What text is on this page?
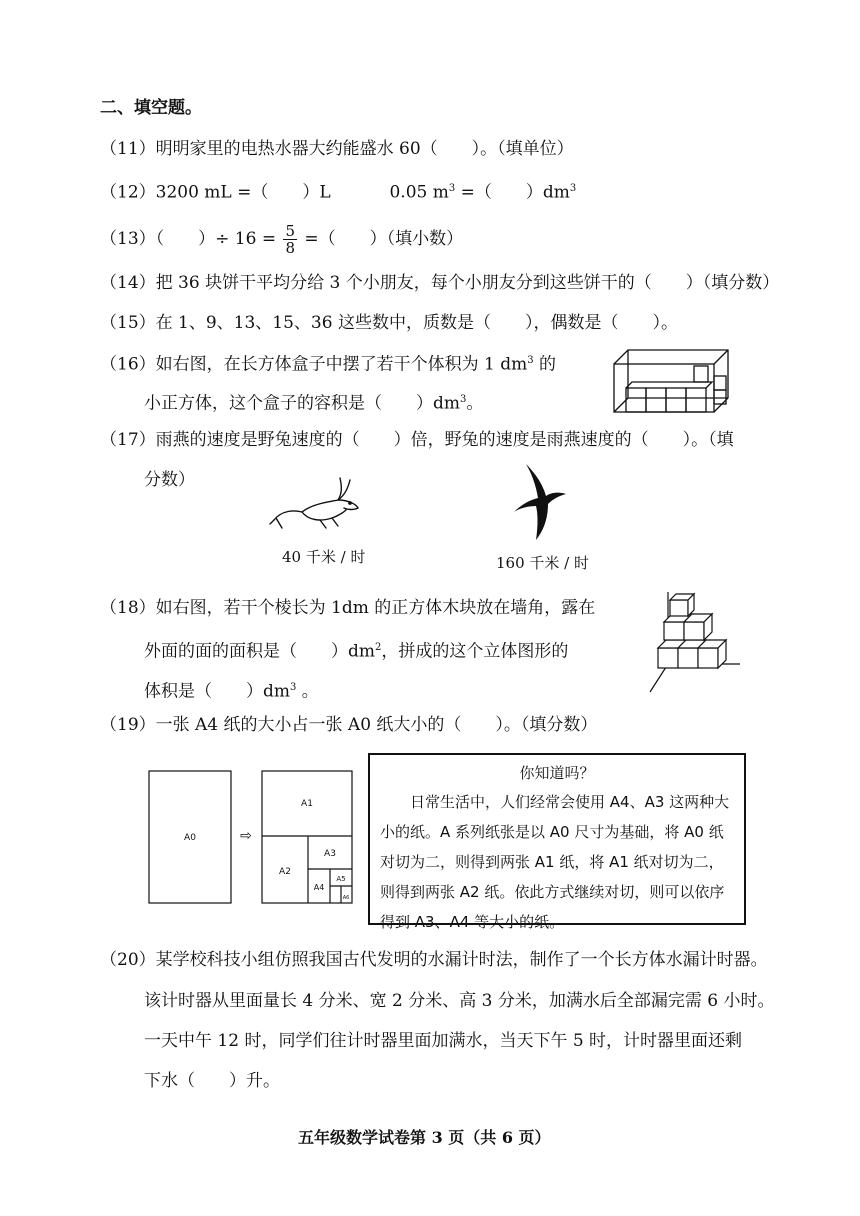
二、填空题。
（11）明明家里的电热水器大约能盛水 60（　　）。（填单位）
（12）3200 mL =（　　）L	0.05 $m^3$ =（　　）$dm^3$
（13）（　　）÷ $16 = \frac{5}{8}$ =（　　）（填小数）
（14）把 36 块饼干平均分给 3 个小朋友，每个小朋友分到这些饼干的（　　）（填分数）
（15）在 1、9、13、15、36 这些数中，质数是（　　），偶数是（　　）。
（16）如右图，在长方体盒子中摆了若干个体积为 1 $dm^3$ 的
小正方体，这个盒子的容积是（　　）$dm^3$。
（17）雨燕的速度是野兔速度的（　　）倍，野兔的速度是雨燕速度的（　　）。（填
分数）
40 千米 / 时	160 千米 / 时
（18）如右图，若干个棱长为 1dm 的正方体木块放在墙角，露在
外面的面的面积是（　　）$dm^2$，拼成的这个立体图形的
体积是（　　）$dm^3$ 。
（19）一张 A4 纸的大小占一张 A0 纸大小的（　　）。（填分数）
A0
A1
A2
A3
A4
A5
A6
⇨
你知道吗？
日常生活中，人们经常会使用 A4、A3 这两种大小的纸。A 系列纸张是以 A0 尺寸为基础，将 A0 纸对切为二，则得到两张 A1 纸，将 A1 纸对切为二，则得到两张 A2 纸。依此方式继续对切，则可以依序得到 A3、A4 等大小的纸。
（20）某学校科技小组仿照我国古代发明的水漏计时法，制作了一个长方体水漏计时器。
该计时器从里面量长 4 分米、宽 2 分米、高 3 分米，加满水后全部漏完需 6 小时。
一天中午 12 时，同学们往计时器里面加满水，当天下午 5 时，计时器里面还剩
下水（　　）升。
五年级数学试卷第 3 页（共 6 页）
